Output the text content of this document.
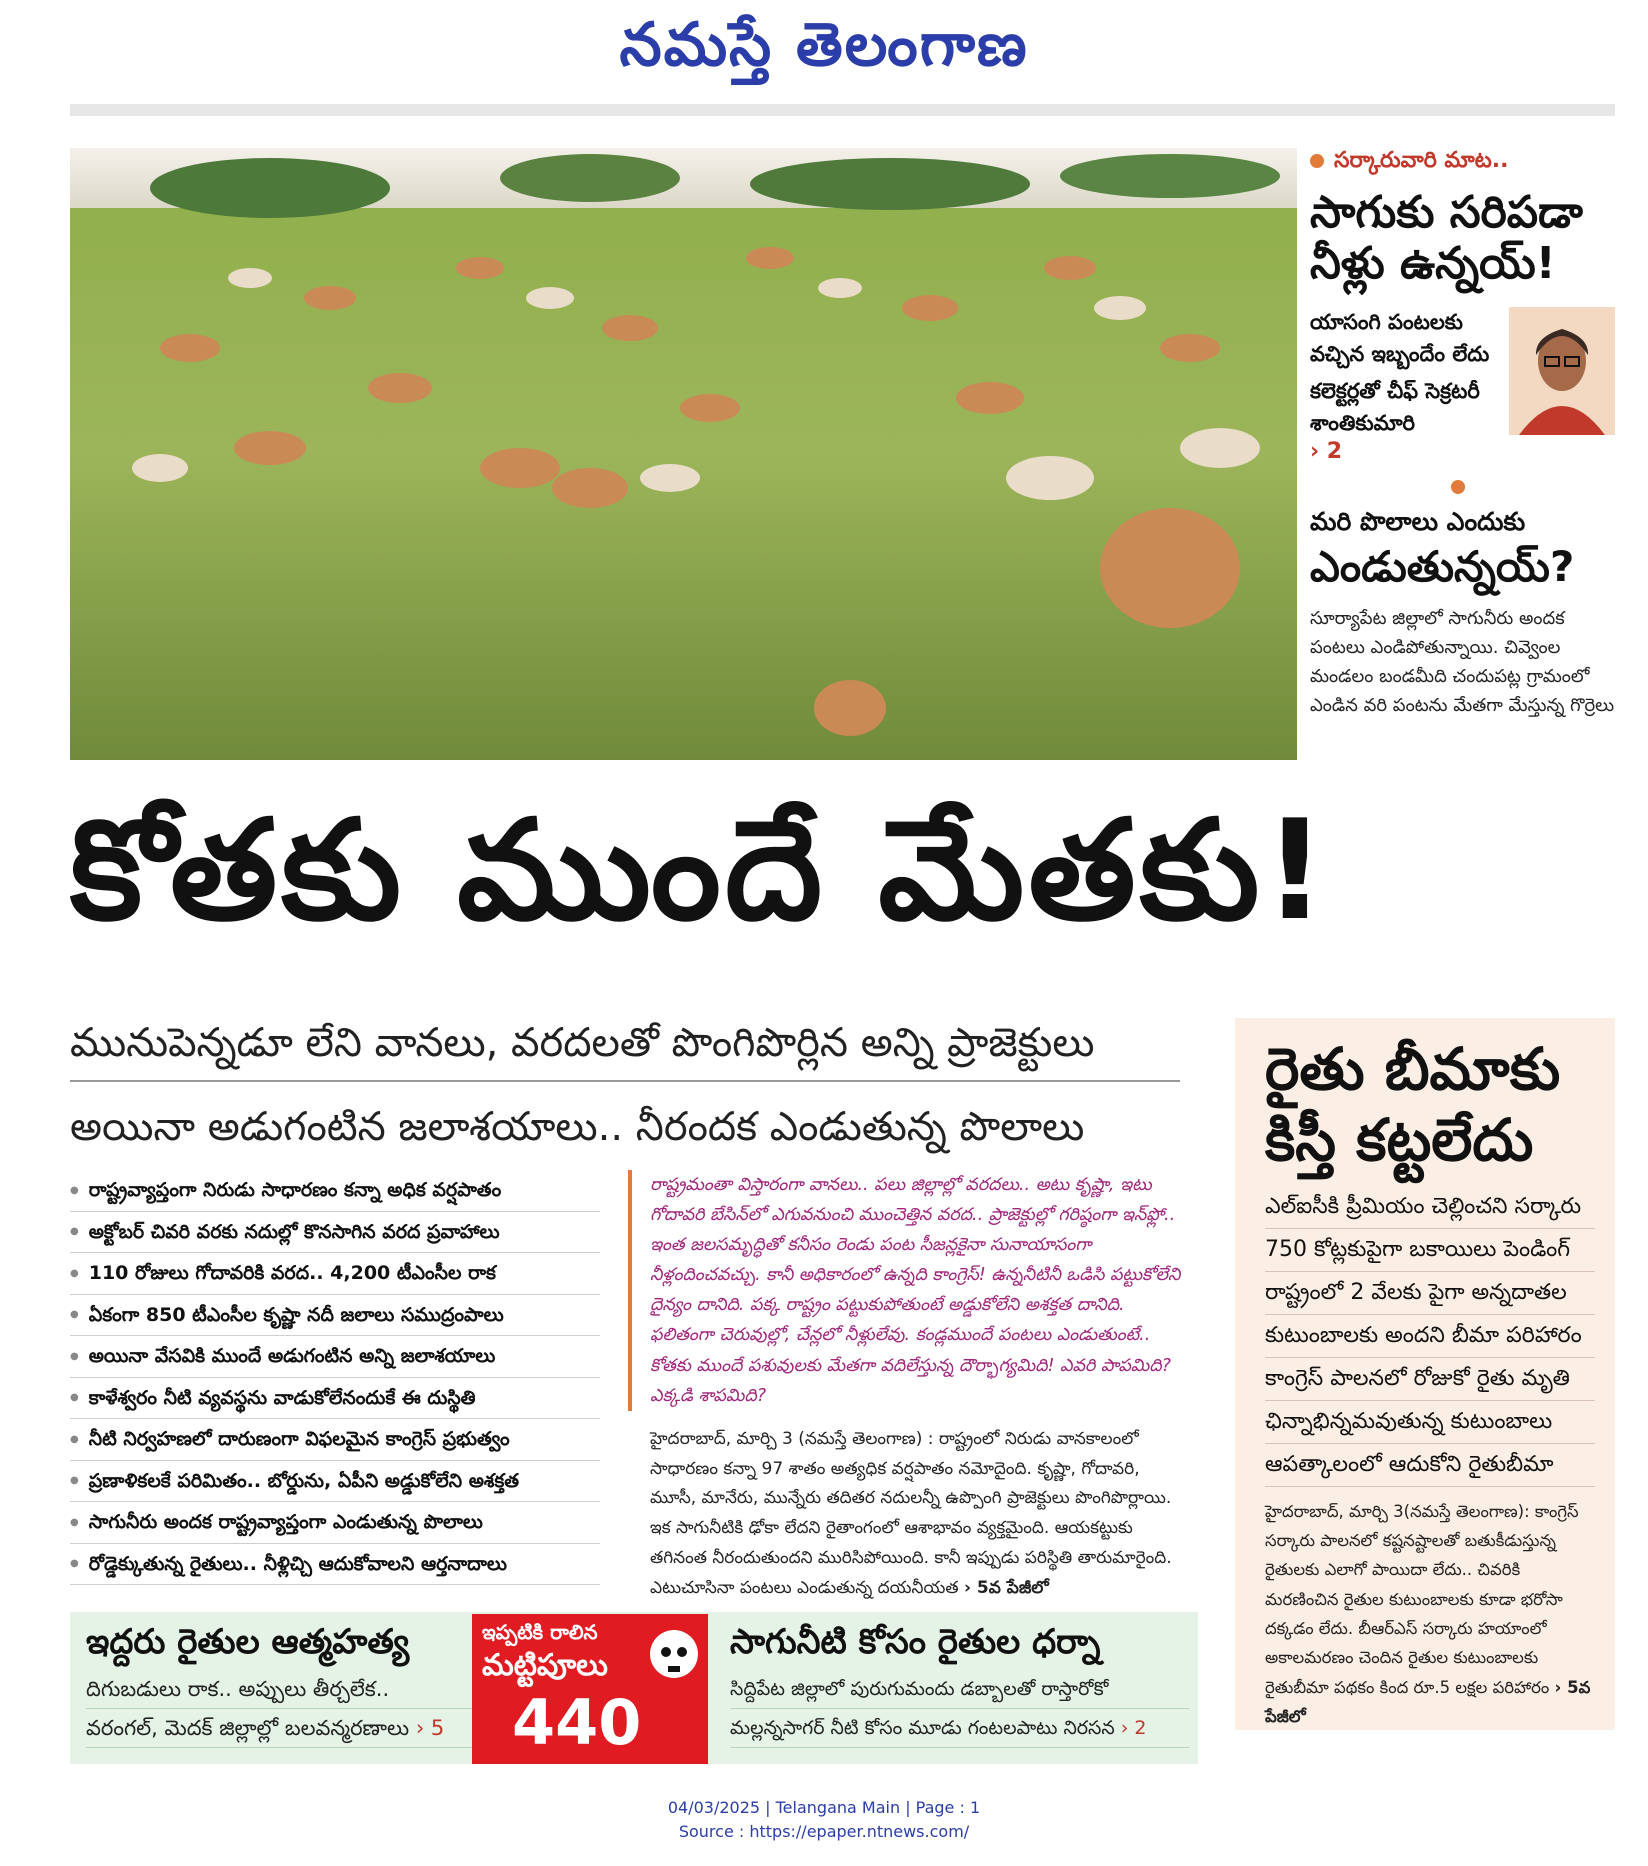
నమస్తే తెలంగాణ
సర్కారువారి మాట..
సాగుకు సరిపడా నీళ్లు ఉన్నయ్!
యాసంగి పంటలకు వచ్చిన ఇబ్బందేం లేదు
కలెక్టర్లతో చీఫ్ సెక్రటరీ శాంతికుమారి
› 2
మరి పొలాలు ఎందుకు
ఎండుతున్నయ్?
సూర్యాపేట జిల్లాలో సాగునీరు అందక పంటలు ఎండిపోతున్నాయి. చివ్వెంల మండలం బండమీది చందుపట్ల గ్రామంలో ఎండిన వరి పంటను మేతగా మేస్తున్న గొర్రెలు
కోతకు ముందే మేతకు!
మునుపెన్నడూ లేని వానలు, వరదలతో పొంగిపొర్లిన అన్ని ప్రాజెక్టులు
అయినా అడుగంటిన జలాశయాలు.. నీరందక ఎండుతున్న పొలాలు
● రాష్ట్రవ్యాప్తంగా నిరుడు సాధారణం కన్నా అధిక వర్షపాతం
● అక్టోబర్ చివరి వరకు నదుల్లో కొనసాగిన వరద ప్రవాహాలు
● 110 రోజులు గోదావరికి వరద.. 4,200 టీఎంసీల రాక
● ఏకంగా 850 టీఎంసీల కృష్ణా నదీ జలాలు సముద్రంపాలు
● అయినా వేసవికి ముందే అడుగంటిన అన్ని జలాశయాలు
● కాళేశ్వరం నీటి వ్యవస్థను వాడుకోలేనందుకే ఈ దుస్థితి
● నీటి నిర్వహణలో దారుణంగా విఫలమైన కాంగ్రెస్ ప్రభుత్వం
● ప్రణాళికలకే పరిమితం.. బోర్డును, ఏపీని అడ్డుకోలేని అశక్తత
● సాగునీరు అందక రాష్ట్రవ్యాప్తంగా ఎండుతున్న పొలాలు
● రోడ్డెక్కుతున్న రైతులు.. నీళ్లిచ్చి ఆదుకోవాలని ఆర్తనాదాలు
రాష్ట్రమంతా విస్తారంగా వానలు.. పలు జిల్లాల్లో వరదలు.. అటు కృష్ణా, ఇటు గోదావరి బేసిన్‌లో ఎగువనుంచి ముంచెత్తిన వరద.. ప్రాజెక్టుల్లో గరిష్ఠంగా ఇన్‌ఫ్లో.. ఇంత జలసమృద్ధితో కనీసం రెండు పంట సీజన్లకైనా సునాయాసంగా నీళ్లందించవచ్చు. కానీ అధికారంలో ఉన్నది కాంగ్రెస్! ఉన్ననీటినీ ఒడిసి పట్టుకోలేని దైన్యం దానిది. పక్క రాష్ట్రం పట్టుకుపోతుంటే అడ్డుకోలేని అశక్తత దానిది. ఫలితంగా చెరువుల్లో, చేన్లలో నీళ్లులేవు. కండ్లముందే పంటలు ఎండుతుంటే.. కోతకు ముందే పశువులకు మేతగా వదిలేస్తున్న దౌర్భాగ్యమిది! ఎవరి పాపమిది? ఎక్కడి శాపమిది?
హైదరాబాద్, మార్చి 3 (నమస్తే తెలంగాణ) : రాష్ట్రంలో నిరుడు వానకాలంలో సాధారణం కన్నా 97 శాతం అత్యధిక వర్షపాతం నమోదైంది. కృష్ణా, గోదావరి, మూసీ, మానేరు, మున్నేరు తదితర నదులన్నీ ఉప్పొంగి ప్రాజెక్టులు పొంగిపొర్లాయి. ఇక సాగునీటికి ఢోకా లేదని రైతాంగంలో ఆశాభావం వ్యక్తమైంది. ఆయకట్టుకు తగినంత నీరందుతుందని మురిసిపోయింది. కానీ ఇప్పుడు పరిస్థితి తారుమారైంది. ఎటుచూసినా పంటలు ఎండుతున్న దయనీయత › 5వ పేజీలో
రైతు బీమాకు కిస్తీ కట్టలేదు
ఎల్‌ఐసీకి ప్రీమియం చెల్లించని సర్కారు
750 కోట్లకుపైగా బకాయిలు పెండింగ్
రాష్ట్రంలో 2 వేలకు పైగా అన్నదాతల
కుటుంబాలకు అందని బీమా పరిహారం
కాంగ్రెస్ పాలనలో రోజుకో రైతు మృతి
ఛిన్నాభిన్నమవుతున్న కుటుంబాలు
ఆపత్కాలంలో ఆదుకోని రైతుబీమా
హైదరాబాద్, మార్చి 3(నమస్తే తెలంగాణ): కాంగ్రెస్ సర్కారు పాలనలో కష్టనష్టాలతో బతుకీడుస్తున్న రైతులకు ఎలాగో పాయిదా లేదు.. చివరికి మరణించిన రైతుల కుటుంబాలకు కూడా భరోసా దక్కడం లేదు. బీఆర్‌ఎస్ సర్కారు హయాంలో అకాలమరణం చెందిన రైతుల కుటుంబాలకు రైతుబీమా పథకం కింద రూ.5 లక్షల పరిహారం › 5వ పేజీలో
ఇద్దరు రైతుల ఆత్మహత్య
దిగుబడులు రాక.. అప్పులు తీర్చలేక..
వరంగల్, మెదక్ జిల్లాల్లో బలవన్మరణాలు › 5
సాగునీటి కోసం రైతుల ధర్నా
సిద్దిపేట జిల్లాలో పురుగుమందు డబ్బాలతో రాస్తారోకో
మల్లన్నసాగర్ నీటి కోసం మూడు గంటలపాటు నిరసన › 2
ఇప్పటికి రాలిన
మట్టిపూలు
440
04/03/2025 | Telangana Main | Page : 1
Source : https://epaper.ntnews.com/
